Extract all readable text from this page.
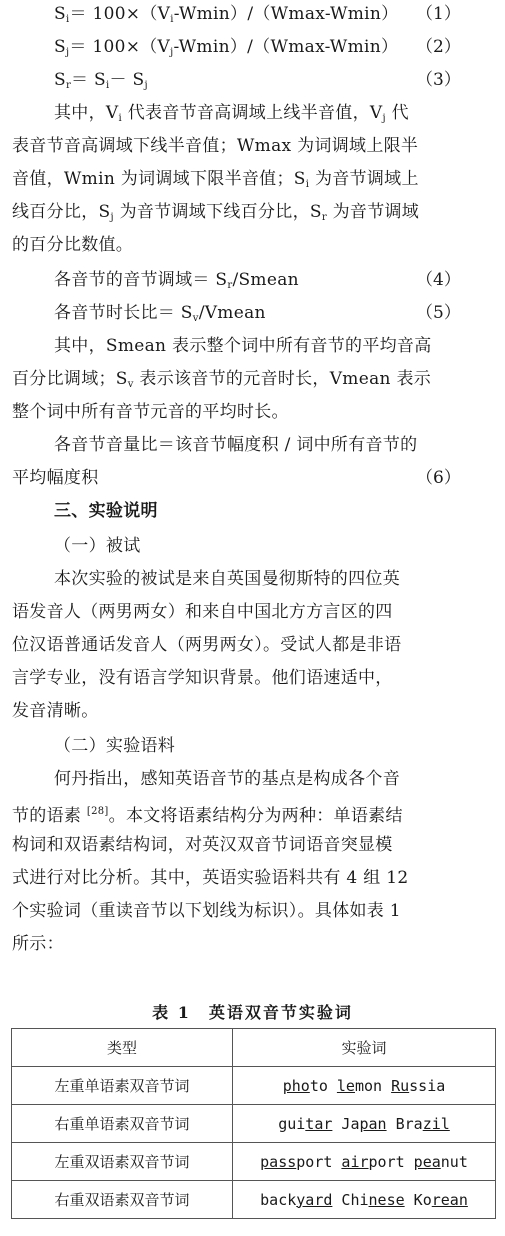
$S_i= 100\times(V_i-Wmin)/(Wmax-Wmin)$ （1）
$S_j= 100\times(V_j-Wmin)/(Wmax-Wmin)$ （2）
$S_r= S_i- S_j$	（3）
其中，$V_i$ 代表音节音高调域上线半音值，$V_j$ 代
表音节音高调域下线半音值；Wmax 为词调域上限半
音值，Wmin 为词调域下限半音值；$S_i$ 为音节调域上
线百分比，$S_j$ 为音节调域下线百分比，$S_r$ 为音节调域
的百分比数值。
各音节的音节调域＝ $S_r$/Smean	（4）
各音节时长比＝ $S_v$/Vmean	（5）
其中，Smean 表示整个词中所有音节的平均音高
百分比调域；$S_v$ 表示该音节的元音时长，Vmean 表示
整个词中所有音节元音的平均时长。
各音节音量比＝该音节幅度积 / 词中所有音节的
平均幅度积	（6）
三、实验说明
（一）被试
本次实验的被试是来自英国曼彻斯特的四位英
语发音人（两男两女）和来自中国北方方言区的四
位汉语普通话发音人（两男两女）。受试人都是非语
言学专业，没有语言学知识背景。他们语速适中，
发音清晰。
（二）实验语料
何丹指出，感知英语音节的基点是构成各个音
节的语素 [28]。本文将语素结构分为两种：单语素结
构词和双语素结构词，对英汉双音节词语音突显模
式进行对比分析。其中，英语实验语料共有 4 组 12
个实验词（重读音节以下划线为标识）。具体如表 1
所示：
表 1　英语双音节实验词
类型	实验词
左重单语素双音节词	photo lemon Russia
右重单语素双音节词	guitar Japan Brazil
左重双语素双音节词	passport airport peanut
右重双语素双音节词	backyard Chinese Korean
